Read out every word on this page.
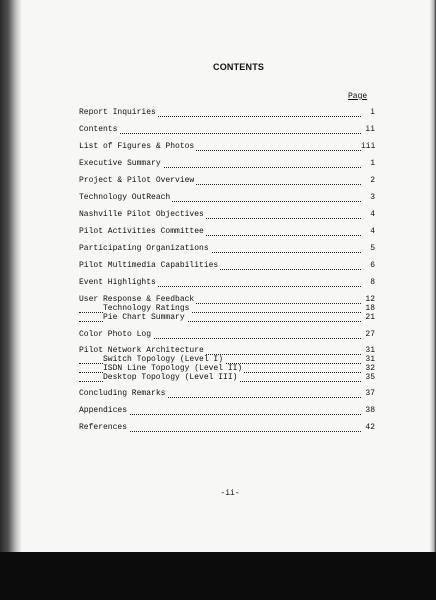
CONTENTS
Page
Report Inquiries	i
Contents	ii
List of Figures & Photos	iii
Executive Summary	1
Project & Pilot Overview	2
Technology OutReach	3
Nashville Pilot Objectives	4
Pilot Activities Committee	4
Participating Organizations	5
Pilot Multimedia Capabilities	6
Event Highlights	8
User Response & Feedback	12
Technology Ratings	18
Pie Chart Summary	21
Color Photo Log	27
Pilot Network Architecture	31
Switch Topology (Level I)	31
ISDN Line Topology (Level II)	32
Desktop Topology (Level III)	35
Concluding Remarks	37
Appendices	38
References	42
-ii-
